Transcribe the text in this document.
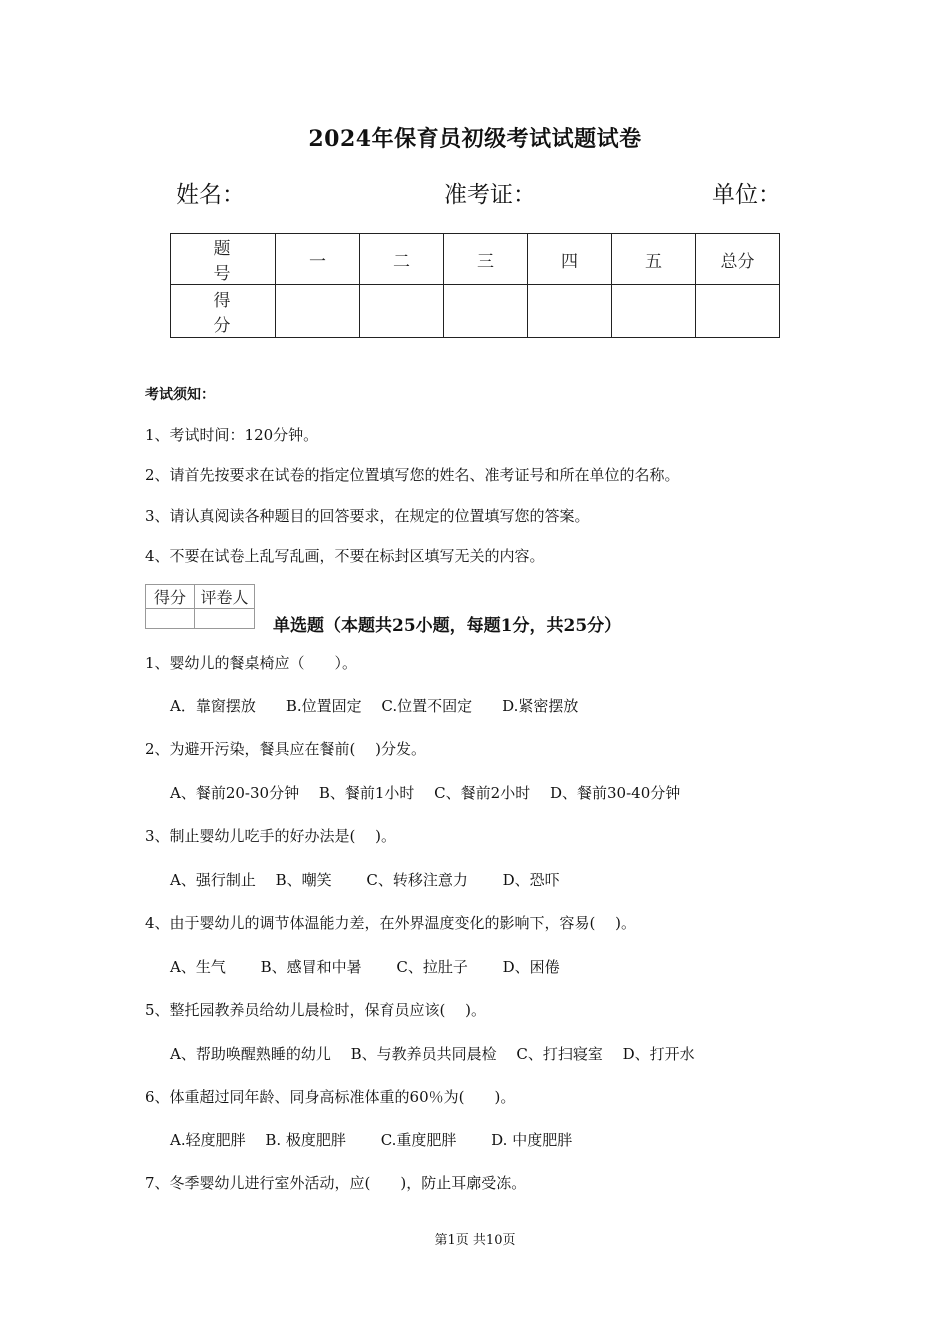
2024年保育员初级考试试题试卷
姓名：	准考证：	单位：
题　号	一	二	三	四	五	总分
得　分						
考试须知：
1、考试时间：120分钟。
2、请首先按要求在试卷的指定位置填写您的姓名、准考证号和所在单位的名称。
3、请认真阅读各种题目的回答要求，在规定的位置填写您的答案。
4、不要在试卷上乱写乱画，不要在标封区填写无关的内容。
得分	评卷人

单选题（本题共25小题，每题1分，共25分）
1、婴幼儿的餐桌椅应（　　）。
A．靠窗摆放　　B.位置固定　 C.位置不固定　　D.紧密摆放
2、为避开污染，餐具应在餐前(　 )分发。
A、餐前20-30分钟　 B、餐前1小时　 C、餐前2小时　 D、餐前30-40分钟
3、制止婴幼儿吃手的好办法是(　 )。
A、强行制止　 B、嘲笑　　 C、转移注意力　　 D、恐吓
4、由于婴幼儿的调节体温能力差，在外界温度变化的影响下，容易(　 )。
A、生气　　 B、感冒和中暑　　 C、拉肚子　　 D、困倦
5、整托园教养员给幼儿晨检时，保育员应该(　 )。
A、帮助唤醒熟睡的幼儿　 B、与教养员共同晨检　 C、打扫寝室　 D、打开水
6、体重超过同年龄、同身高标准体重的60％为(　　)。
A.轻度肥胖　 B. 极度肥胖　　 C.重度肥胖　　 D. 中度肥胖
7、冬季婴幼儿进行室外活动，应(　　)，防止耳廓受冻。
第1页 共10页
